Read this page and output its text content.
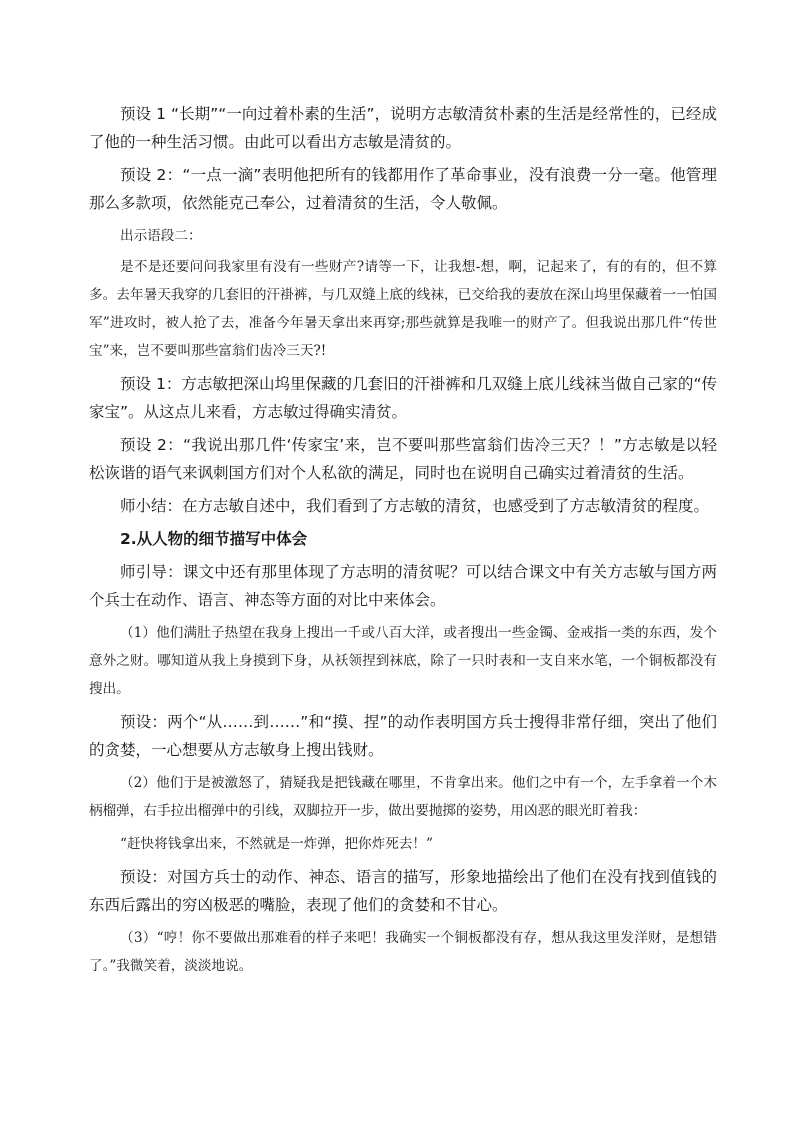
预设 1 “长期”“一向过着朴素的生活”，说明方志敏清贫朴素的生活是经常性的，已经成了他的一种生活习惯。由此可以看出方志敏是清贫的。

预设 2：“一点一滴”表明他把所有的钱都用作了革命事业，没有浪费一分一毫。他管理那么多款项，依然能克己奉公，过着清贫的生活，令人敬佩。

出示语段二：

是不是还要问问我家里有没有一些财产?请等一下，让我想-想，啊，记起来了，有的有的，但不算多。去年暑天我穿的几套旧的汗褂裤，与几双缝上底的线袜，已交给我的妻放在深山坞里保藏着一一怕国军”进攻时，被人抢了去，准备今年暑天拿出来再穿;那些就算是我唯一的财产了。但我说出那几件“传世宝”来，岂不要叫那些富翁们齿冷三天?!

预设 1：方志敏把深山坞里保藏的几套旧的汗褂裤和几双缝上底儿线袜当做自己家的“传家宝”。从这点儿来看，方志敏过得确实清贫。

预设 2：“我说出那几件‘传家宝’来，岂不要叫那些富翁们齿冷三天？！”方志敏是以轻松诙谐的语气来讽刺国方们对个人私欲的满足，同时也在说明自己确实过着清贫的生活。

师小结：在方志敏自述中，我们看到了方志敏的清贫，也感受到了方志敏清贫的程度。

2.从人物的细节描写中体会

师引导：课文中还有那里体现了方志明的清贫呢？可以结合课文中有关方志敏与国方两个兵士在动作、语言、神态等方面的对比中来体会。

（1）他们满肚子热望在我身上搜出一千或八百大洋，或者搜出一些金镯、金戒指一类的东西，发个意外之财。哪知道从我上身摸到下身，从袄领捏到袜底，除了一只时表和一支自来水笔，一个铜板都没有搜出。

预设：两个“从……到……”和“摸、捏”的动作表明国方兵士搜得非常仔细，突出了他们的贪婪，一心想要从方志敏身上搜出钱财。

（2）他们于是被激怒了，猜疑我是把钱藏在哪里，不肯拿出来。他们之中有一个，左手拿着一个木柄榴弹，右手拉出榴弹中的引线，双脚拉开一步，做出要抛掷的姿势，用凶恶的眼光盯着我：

“赶快将钱拿出来，不然就是一炸弹，把你炸死去！”

预设：对国方兵士的动作、神态、语言的描写，形象地描绘出了他们在没有找到值钱的东西后露出的穷凶极恶的嘴脸，表现了他们的贪婪和不甘心。

（3）“哼！你不要做出那难看的样子来吧！我确实一个铜板都没有存，想从我这里发洋财，是想错了。”我微笑着，淡淡地说。
